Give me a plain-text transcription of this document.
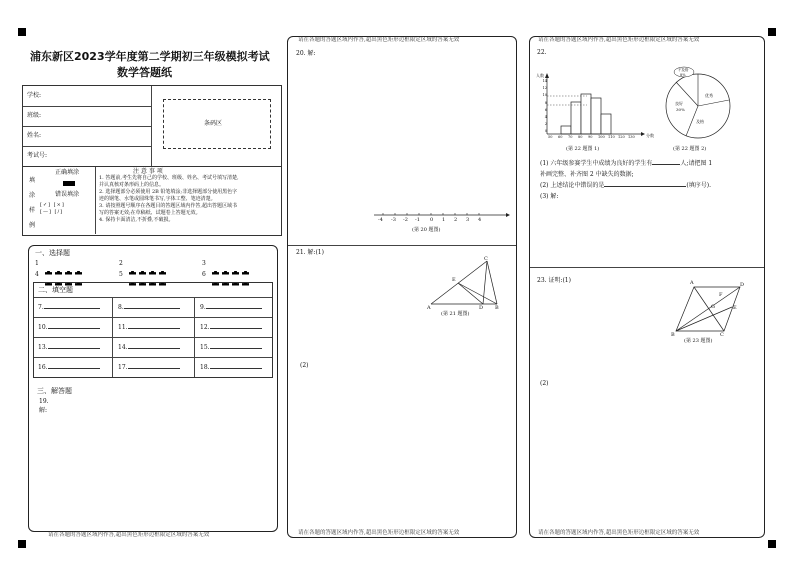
浦东新区2023学年度第二学期初三年级模拟考试
数学答题纸
学校:
班级:
姓名:
考试号:
条码区
填
涂
样
例
正确填涂
错误填涂
[✓] [×]
[—] [/]
注 意 事 项
1. 答题前,考生先将自己的学校、班级、姓名、考试号填写清楚,
并认真核对条形码上的信息。
2. 选择题部分必须使用 2B 铅笔填涂;非选择题部分使用黑色字
迹的钢笔、水笔或圆珠笔书写,字体工整、笔迹清楚。
3. 请按照题号顺序在各题目的答题区域内作答,超出答题区域书
写的答案无效;在草稿纸、试题卷上答题无效。
4. 保持卡面清洁,不折叠,不破损。
一、选择题
1	2	3
4	5	6
二、填空题
7.	8.	9.
10.	11.	12.
13.	14.	15.
16.	17.	18.
三、解答题
19.
解:
请在各题的答题区域内作答,超出黑色矩形边框限定区域的答案无效
请在各题的答题区域内作答,超出黑色矩形边框限定区域的答案无效
请在各题的答题区域内作答,超出黑色矩形边框限定区域的答案无效
20. 解:
-4 -3 -2 -1 0 1 2 3 4
(第 20 题图)
21. 解:(1)
C
E
A	D B
(第 21 题图)
(2)
请在各题的答题区域内作答,超出黑色矩形边框限定区域的答案无效
请在各题的答题区域内作答,超出黑色矩形边框限定区域的答案无效
22.
人数
14
12
10
8
6
4
2
0
50 60 70 80 90 100 110 120 130	分数
(第 22 题图 1)
不及格
8%
良好
30%
优秀
及格
(第 22 题图 2)
(1) 六年级参赛学生中成绩为良好的学生有	人;请把图 1
补画完整、补齐图 2 中缺失的数据;
(2) 上述结论中错误的是	(填序号).
(3) 解:
23. 证明:(1)	A	D
F
G	E
B	C
(第 23 题图)
(2)
